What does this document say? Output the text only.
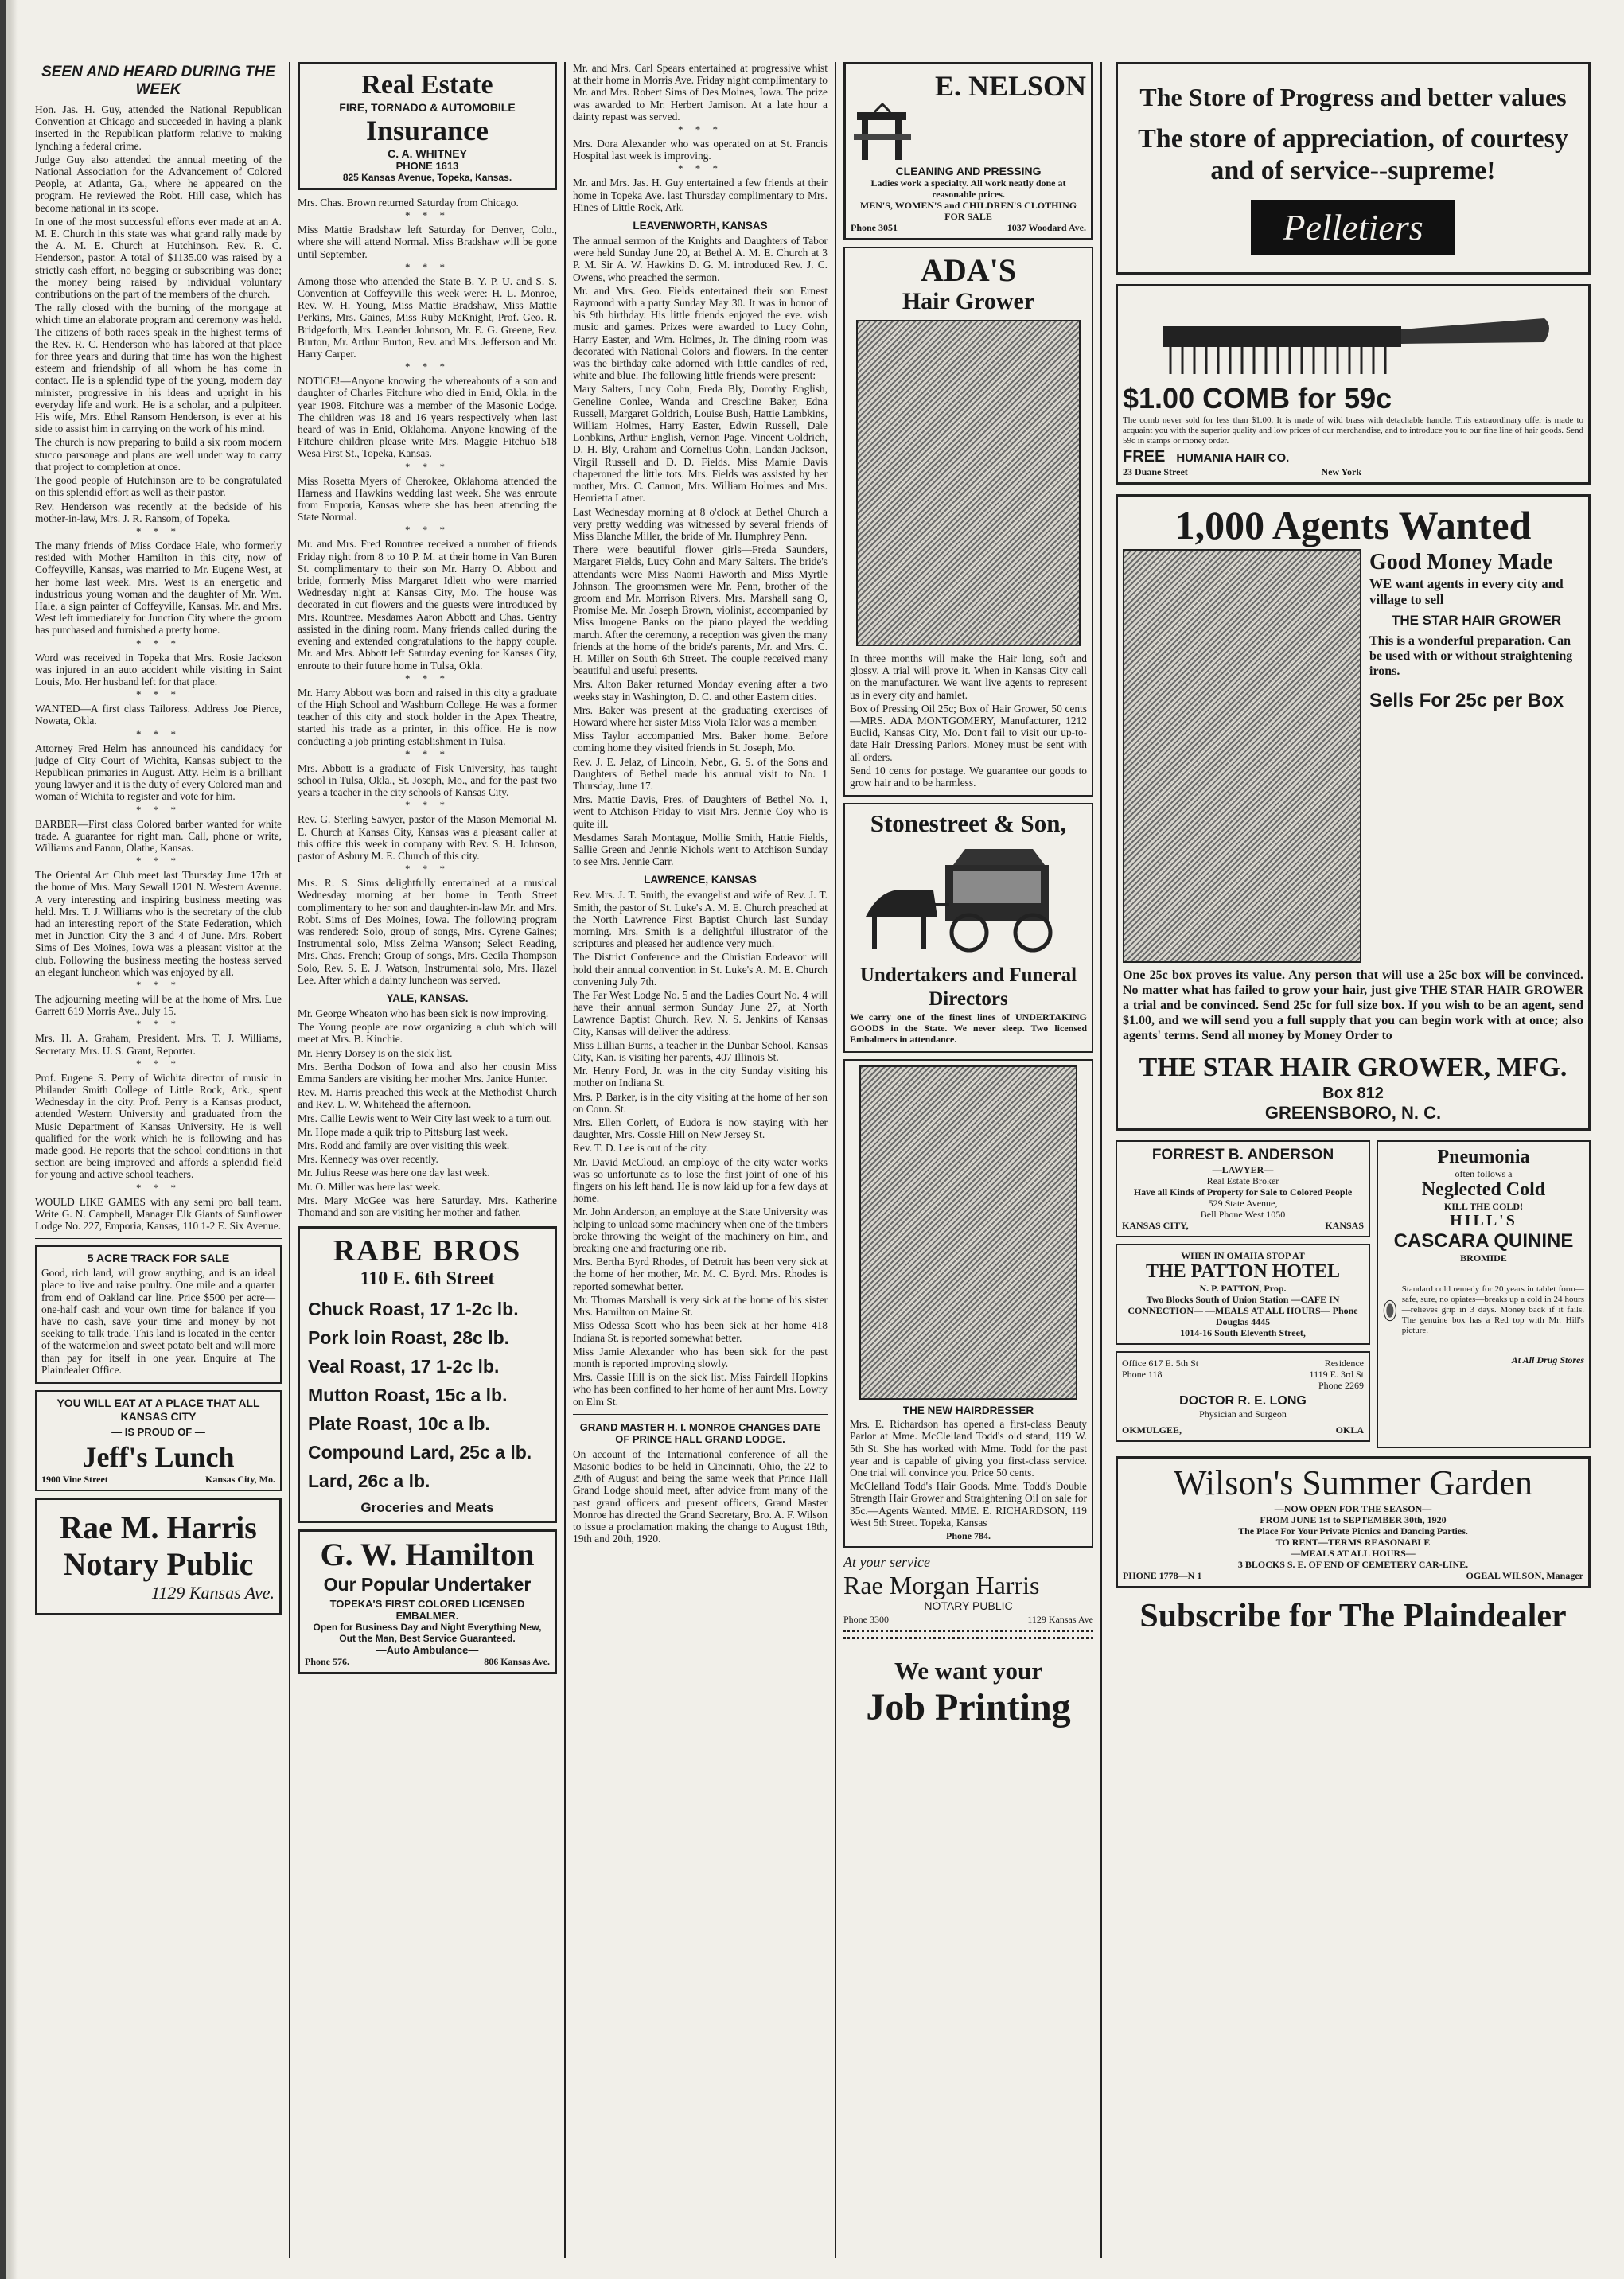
SEEN AND HEARD DURING THE WEEK

Hon. Jas. H. Guy, attended the National Republican Convention at Chicago and succeeded in having a plank inserted in the Republican platform relative to making lynching a federal crime.

Judge Guy also attended the annual meeting of the National Association for the Advancement of Colored People, at Atlanta, Ga., where he appeared on the program. He reviewed the Robt. Hill case, which has become national in its scope.

In one of the most successful efforts ever made at an A. M. E. Church in this state was what grand rally made by the A. M. E. Church at Hutchinson. Rev. R. C. Henderson, pastor. A total of $1135.00 was raised by a strictly cash effort, no begging or subscribing was done; the money being raised by individual voluntary contributions on the part of the members of the church.

The rally closed with the burning of the mortgage at which time an elaborate program and ceremony was held. The citizens of both races speak in the highest terms of the Rev. R. C. Henderson who has labored at that place for three years and during that time has won the highest esteem and friendship of all whom he has come in contact. He is a splendid type of the young, modern day minister, progressive in his ideas and upright in his everyday life and work. He is a scholar, and a pulpiteer. His wife, Mrs. Ethel Ransom Henderson, is ever at his side to assist him in carrying on the work of his mind.

The church is now preparing to build a six room modern stucco parsonage and plans are well under way to carry that project to completion at once.

The good people of Hutchinson are to be congratulated on this splendid effort as well as their pastor.

Rev. Henderson was recently at the bedside of his mother-in-law, Mrs. J. R. Ransom, of Topeka.

* * *

The many friends of Miss Cordace Hale, who formerly resided with Mother Hamilton in this city, now of Coffeyville, Kansas, was married to Mr. Eugene West, at her home last week. Mrs. West is an energetic and industrious young woman and the daughter of Mr. Wm. Hale, a sign painter of Coffeyville, Kansas. Mr. and Mrs. West left immediately for Junction City where the groom has purchased and furnished a pretty home.

* * *

Word was received in Topeka that Mrs. Rosie Jackson was injured in an auto accident while visiting in Saint Louis, Mo. Her husband left for that place.

* * *

WANTED—A first class Tailoress. Address Joe Pierce, Nowata, Okla.

* * *

Attorney Fred Helm has announced his candidacy for judge of City Court of Wichita, Kansas subject to the Republican primaries in August. Atty. Helm is a brilliant young lawyer and it is the duty of every Colored man and woman of Wichita to register and vote for him.

* * *

BARBER—First class Colored barber wanted for white trade. A guarantee for right man. Call, phone or write, Williams and Fanon, Olathe, Kansas.

* * *

The Oriental Art Club meet last Thursday June 17th at the home of Mrs. Mary Sewall 1201 N. Western Avenue. A very interesting and inspiring business meeting was held. Mrs. T. J. Williams who is the secretary of the club had an interesting report of the State Federation, which met in Junction City the 3 and 4 of June. Mrs. Robert Sims of Des Moines, Iowa was a pleasant visitor at the club. Following the business meeting the hostess served an elegant luncheon which was enjoyed by all.

* * *

The adjourning meeting will be at the home of Mrs. Lue Garrett 619 Morris Ave., July 15.

* * *

Mrs. H. A. Graham, President. Mrs. T. J. Williams, Secretary. Mrs. U. S. Grant, Reporter.

* * *

Prof. Eugene S. Perry of Wichita director of music in Philander Smith College of Little Rock, Ark., spent Wednesday in the city. Prof. Perry is a Kansas product, attended Western University and graduated from the Music Department of Kansas University. He is well qualified for the work which he is following and has made good. He reports that the school conditions in that section are being improved and affords a splendid field for young and active school teachers.

* * *

WOULD LIKE GAMES with any semi pro ball team. Write G. N. Campbell, Manager Elk Giants of Sunflower Lodge No. 227, Emporia, Kansas, 110 1-2 E. Six Avenue.

5 ACRE TRACK FOR SALE

Good, rich land, will grow anything, and is an ideal place to live and raise poultry. One mile and a quarter from end of Oakland car line. Price $500 per acre—one-half cash and your own time for balance if you have no cash, save your time and money by not seeking to talk trade. This land is located in the center of the watermelon and sweet potato belt and will more than pay for itself in one year. Enquire at The Plaindealer Office.

YOU WILL EAT AT A PLACE THAT ALL KANSAS CITY
— IS PROUD OF —
Jeff's Lunch
1900 Vine Street	Kansas City, Mo.
Rae M. Harris
Notary Public
1129 Kansas Ave.
Real Estate
FIRE, TORNADO & AUTOMOBILE
Insurance
C. A. WHITNEY
PHONE 1613
825 Kansas Avenue, Topeka, Kansas.

Mrs. Chas. Brown returned Saturday from Chicago.

* * *

Miss Mattie Bradshaw left Saturday for Denver, Colo., where she will attend Normal. Miss Bradshaw will be gone until September.

* * *

Among those who attended the State B. Y. P. U. and S. S. Convention at Coffeyville this week were: H. L. Monroe, Rev. W. H. Young, Miss Mattie Bradshaw, Miss Mattie Perkins, Mrs. Gaines, Miss Ruby McKnight, Prof. Geo. R. Bridgeforth, Mrs. Leander Johnson, Mr. E. G. Greene, Rev. Burton, Mr. Arthur Burton, Rev. and Mrs. Jefferson and Mr. Harry Carper.

* * *

NOTICE!—Anyone knowing the whereabouts of a son and daughter of Charles Fitchure who died in Enid, Okla. in the year 1908. Fitchure was a member of the Masonic Lodge. The children was 18 and 16 years respectively when last heard of was in Enid, Oklahoma. Anyone knowing of the Fitchure children please write Mrs. Maggie Fitchuo 518 Wesa First St., Topeka, Kansas.

* * *

Miss Rosetta Myers of Cherokee, Oklahoma attended the Harness and Hawkins wedding last week. She was enroute from Emporia, Kansas where she has been attending the State Normal.

* * *

Mr. and Mrs. Fred Rountree received a number of friends Friday night from 8 to 10 P. M. at their home in Van Buren St. complimentary to their son Mr. Harry O. Abbott and bride, formerly Miss Margaret Idlett who were married Wednesday night at Kansas City, Mo. The house was decorated in cut flowers and the guests were introduced by Mrs. Rountree. Mesdames Aaron Abbott and Chas. Gentry assisted in the dining room. Many friends called during the evening and extended congratulations to the happy couple. Mr. and Mrs. Abbott left Saturday evening for Kansas City, enroute to their future home in Tulsa, Okla.

* * *

Mr. Harry Abbott was born and raised in this city a graduate of the High School and Washburn College. He was a former teacher of this city and stock holder in the Apex Theatre, started his trade as a printer, in this office. He is now conducting a job printing establishment in Tulsa.

* * *

Mrs. Abbott is a graduate of Fisk University, has taught school in Tulsa, Okla., St. Joseph, Mo., and for the past two years a teacher in the city schools of Kansas City.

* * *

Rev. G. Sterling Sawyer, pastor of the Mason Memorial M. E. Church at Kansas City, Kansas was a pleasant caller at this office this week in company with Rev. S. H. Johnson, pastor of Asbury M. E. Church of this city.

* * *

Mrs. R. S. Sims delightfully entertained at a musical Wednesday morning at her home in Tenth Street complimentary to her son and daughter-in-law Mr. and Mrs. Robt. Sims of Des Moines, Iowa. The following program was rendered: Solo, group of songs, Mrs. Cyrene Gaines; Instrumental solo, Miss Zelma Wanson; Select Reading, Mrs. Chas. French; Group of songs, Mrs. Cecila Thompson Solo, Rev. S. E. J. Watson, Instrumental solo, Mrs. Hazel Lee. After which a dainty luncheon was served.

YALE, KANSAS.

Mr. George Wheaton who has been sick is now improving.

The Young people are now organizing a club which will meet at Mrs. B. Kinchie.

Mr. Henry Dorsey is on the sick list.

Mrs. Bertha Dodson of Iowa and also her cousin Miss Emma Sanders are visiting her mother Mrs. Janice Hunter.

Rev. M. Harris preached this week at the Methodist Church and Rev. L. W. Whitehead the afternoon.

Mrs. Callie Lewis went to Weir City last week to a turn out.

Mr. Hope made a quik trip to Pittsburg last week.

Mrs. Rodd and family are over visiting this week.

Mrs. Kennedy was over recently.

Mr. Julius Reese was here one day last week.

Mr. O. Miller was here last week.

Mrs. Mary McGee was here Saturday. Mrs. Katherine Thomand and son are visiting her mother and father.

RABE BROS
110 E. 6th Street
Chuck Roast, 17 1-2c lb.
Pork loin Roast, 28c lb.
Veal Roast, 17 1-2c lb.
Mutton Roast, 15c a lb.
Plate Roast, 10c a lb.
Compound Lard, 25c a lb.
Lard, 26c a lb.
Groceries and Meats
G. W. Hamilton
Our Popular Undertaker
TOPEKA'S FIRST COLORED LICENSED EMBALMER.
Open for Business Day and Night Everything New, Out the Man, Best Service Guaranteed.
—Auto Ambulance—
Phone 576.	806 Kansas Ave.

Mr. and Mrs. Carl Spears entertained at progressive whist at their home in Morris Ave. Friday night complimentary to Mr. and Mrs. Robert Sims of Des Moines, Iowa. The prize was awarded to Mr. Herbert Jamison. At a late hour a dainty repast was served.

* * *

Mrs. Dora Alexander who was operated on at St. Francis Hospital last week is improving.

* * *

Mr. and Mrs. Jas. H. Guy entertained a few friends at their home in Topeka Ave. last Thursday complimentary to Mrs. Hines of Little Rock, Ark.

LEAVENWORTH, KANSAS

The annual sermon of the Knights and Daughters of Tabor were held Sunday June 20, at Bethel A. M. E. Church at 3 P. M. Sir A. W. Hawkins D. G. M. introduced Rev. J. C. Owens, who preached the sermon.

Mr. and Mrs. Geo. Fields entertained their son Ernest Raymond with a party Sunday May 30. It was in honor of his 9th birthday. His little friends enjoyed the eve. wish music and games. Prizes were awarded to Lucy Cohn, Harry Easter, and Wm. Holmes, Jr. The dining room was decorated with National Colors and flowers. In the center was the birthday cake adorned with little candles of red, white and blue. The following little friends were present:

Mary Salters, Lucy Cohn, Freda Bly, Dorothy English, Geneline Conlee, Wanda and Crescline Baker, Edna Russell, Margaret Goldrich, Louise Bush, Hattie Lambkins, William Holmes, Harry Easter, Edwin Russell, Dale Lonbkins, Arthur English, Vernon Page, Vincent Goldrich, D. H. Bly, Graham and Cornelius Cohn, Landan Jackson, Virgil Russell and D. D. Fields. Miss Mamie Davis chaperoned the little tots. Mrs. Fields was assisted by her mother, Mrs. C. Cannon, Mrs. William Holmes and Mrs. Henrietta Latner.

Last Wednesday morning at 8 o'clock at Bethel Church a very pretty wedding was witnessed by several friends of Miss Blanche Miller, the bride of Mr. Humphrey Penn.

There were beautiful flower girls—Freda Saunders, Margaret Fields, Lucy Cohn and Mary Salters. The bride's attendants were Miss Naomi Haworth and Miss Myrtle Johnson. The groomsmen were Mr. Penn, brother of the groom and Mr. Morrison Rivers. Mrs. Marshall sang O, Promise Me. Mr. Joseph Brown, violinist, accompanied by Miss Imogene Banks on the piano played the wedding march. After the ceremony, a reception was given the many friends at the home of the bride's parents, Mr. and Mrs. C. H. Miller on South 6th Street. The couple received many beautiful and useful presents.

Mrs. Alton Baker returned Monday evening after a two weeks stay in Washington, D. C. and other Eastern cities.

Mrs. Baker was present at the graduating exercises of Howard where her sister Miss Viola Talor was a member.

Miss Taylor accompanied Mrs. Baker home. Before coming home they visited friends in St. Joseph, Mo.

Rev. J. E. Jelaz, of Lincoln, Nebr., G. S. of the Sons and Daughters of Bethel made his annual visit to No. 1 Thursday, June 17.

Mrs. Mattie Davis, Pres. of Daughters of Bethel No. 1, went to Atchison Friday to visit Mrs. Jennie Coy who is quite ill.

Mesdames Sarah Montague, Mollie Smith, Hattie Fields, Sallie Green and Jennie Nichols went to Atchison Sunday to see Mrs. Jennie Carr.

LAWRENCE, KANSAS

Rev. Mrs. J. T. Smith, the evangelist and wife of Rev. J. T. Smith, the pastor of St. Luke's A. M. E. Church preached at the North Lawrence First Baptist Church last Sunday morning. Mrs. Smith is a delightful illustrator of the scriptures and pleased her audience very much.

The District Conference and the Christian Endeavor will hold their annual convention in St. Luke's A. M. E. Church convening July 7th.

The Far West Lodge No. 5 and the Ladies Court No. 4 will have their annual sermon Sunday June 27, at North Lawrence Baptist Church. Rev. N. S. Jenkins of Kansas City, Kansas will deliver the address.

Miss Lillian Burns, a teacher in the Dunbar School, Kansas City, Kan. is visiting her parents, 407 Illinois St.

Mr. Henry Ford, Jr. was in the city Sunday visiting his mother on Indiana St.

Mrs. P. Barker, is in the city visiting at the home of her son on Conn. St.

Mrs. Ellen Corlett, of Eudora is now staying with her daughter, Mrs. Cossie Hill on New Jersey St.

Rev. T. D. Lee is out of the city.

Mr. David McCloud, an employe of the city water works was so unfortunate as to lose the first joint of one of his fingers on his left hand. He is now laid up for a few days at home.

Mr. John Anderson, an employe at the State University was helping to unload some machinery when one of the timbers broke throwing the weight of the machinery on him, and breaking one and fracturing one rib.

Mrs. Bertha Byrd Rhodes, of Detroit has been very sick at the home of her mother, Mr. M. C. Byrd. Mrs. Rhodes is reported somewhat better.

Mr. Thomas Marshall is very sick at the home of his sister Mrs. Hamilton on Maine St.

Miss Odessa Scott who has been sick at her home 418 Indiana St. is reported somewhat better.

Miss Jamie Alexander who has been sick for the past month is reported improving slowly.

Mrs. Cassie Hill is on the sick list. Miss Fairdell Hopkins who has been confined to her home of her aunt Mrs. Lowry on Elm St.

GRAND MASTER H. I. MONROE CHANGES DATE OF PRINCE HALL GRAND LODGE.

On account of the International conference of all the Masonic bodies to be held in Cincinnati, Ohio, the 22 to 29th of August and being the same week that Prince Hall Grand Lodge should meet, after advice from many of the past grand officers and present officers, Grand Master Monroe has directed the Grand Secretary, Bro. A. F. Wilson to issue a proclamation making the change to August 18th, 19th and 20th, 1920.

E. NELSON
CLEANING AND PRESSING
Ladies work a specialty. All work neatly done at reasonable prices.
MEN'S, WOMEN'S and CHILDREN'S CLOTHING FOR SALE
Phone 3051	1037 Woodard Ave.
ADA'S
Hair Grower

In three months will make the Hair long, soft and glossy. A trial will prove it. When in Kansas City call on the manufacturer. We want live agents to represent us in every city and hamlet.

Box of Pressing Oil 25c; Box of Hair Grower, 50 cents—MRS. ADA MONTGOMERY, Manufacturer, 1212 Euclid, Kansas City, Mo. Don't fail to visit our up-to-date Hair Dressing Parlors. Money must be sent with all orders.

Send 10 cents for postage. We guarantee our goods to grow hair and to be harmless.

Stonestreet & Son,
Undertakers and Funeral Directors

We carry one of the finest lines of UNDERTAKING GOODS in the State. We never sleep. Two licensed Embalmers in attendance.

THE NEW HAIRDRESSER

Mrs. E. Richardson has opened a first-class Beauty Parlor at Mme. McClelland Todd's old stand, 119 W. 5th St. She has worked with Mme. Todd for the past year and is capable of giving you first-class service. One trial will convince you. Price 50 cents.

McClelland Todd's Hair Goods. Mme. Todd's Double Strength Hair Grower and Straightening Oil on sale for 35c.—Agents Wanted. MME. E. RICHARDSON, 119 West 5th Street. Topeka, Kansas

Phone 784.
At your service
Rae Morgan Harris
NOTARY PUBLIC
Phone 3300	1129 Kansas Ave
We want your
Job Printing
The Store of Progress and better values
The store of appreciation, of courtesy and of service--supreme!
Pelletiers
$1.00 COMB for 59c

The comb never sold for less than $1.00. It is made of wild brass with detachable handle. This extraordinary offer is made to acquaint you with the superior quality and low prices of our merchandise, and to introduce you to our fine line of hair goods. Send 59c in stamps or money order.

FREE HUMANIA HAIR CO.
23 Duane Street	New York
1,000 Agents Wanted
Good Money Made
WE want agents in every city and village to sell
THE STAR HAIR GROWER
This is a wonderful preparation. Can be used with or without straightening irons.
Sells For 25c per Box

One 25c box proves its value. Any person that will use a 25c box will be convinced. No matter what has failed to grow your hair, just give THE STAR HAIR GROWER a trial and be convinced. Send 25c for full size box. If you wish to be an agent, send $1.00, and we will send you a full supply that you can begin work with at once; also agents' terms. Send all money by Money Order to

THE STAR HAIR GROWER, MFG.
Box 812
GREENSBORO, N. C.
FORREST B. ANDERSON
—LAWYER—
Real Estate Broker
Have all Kinds of Property for Sale to Colored People
529 State Avenue,
Bell Phone West 1050
KANSAS CITY,	KANSAS
WHEN IN OMAHA STOP AT
THE PATTON HOTEL
N. P. PATTON, Prop.
Two Blocks South of Union Station —CAFE IN CONNECTION— —MEALS AT ALL HOURS— Phone Douglas 4445
1014-16 South Eleventh Street,
Office 617 E. 5th St	Residence
Phone 118	1119 E. 3rd St
Phone 2269
DOCTOR R. E. LONG
Physician and Surgeon
OKMULGEE,	OKLA
Pneumonia
often follows a
Neglected Cold
KILL THE COLD!
HILL'S
CASCARA QUININE
BROMIDE

Standard cold remedy for 20 years in tablet form—safe, sure, no opiates—breaks up a cold in 24 hours—relieves grip in 3 days. Money back if it fails. The genuine box has a Red top with Mr. Hill's picture.

At All Drug Stores
Wilson's Summer Garden
—NOW OPEN FOR THE SEASON—
FROM JUNE 1st to SEPTEMBER 30th, 1920
The Place For Your Private Picnics and Dancing Parties.
TO RENT—TERMS REASONABLE
—MEALS AT ALL HOURS—
3 BLOCKS S. E. OF END OF CEMETERY CAR-LINE.
PHONE 1778—N 1	OGEAL WILSON, Manager
Subscribe for The Plaindealer
